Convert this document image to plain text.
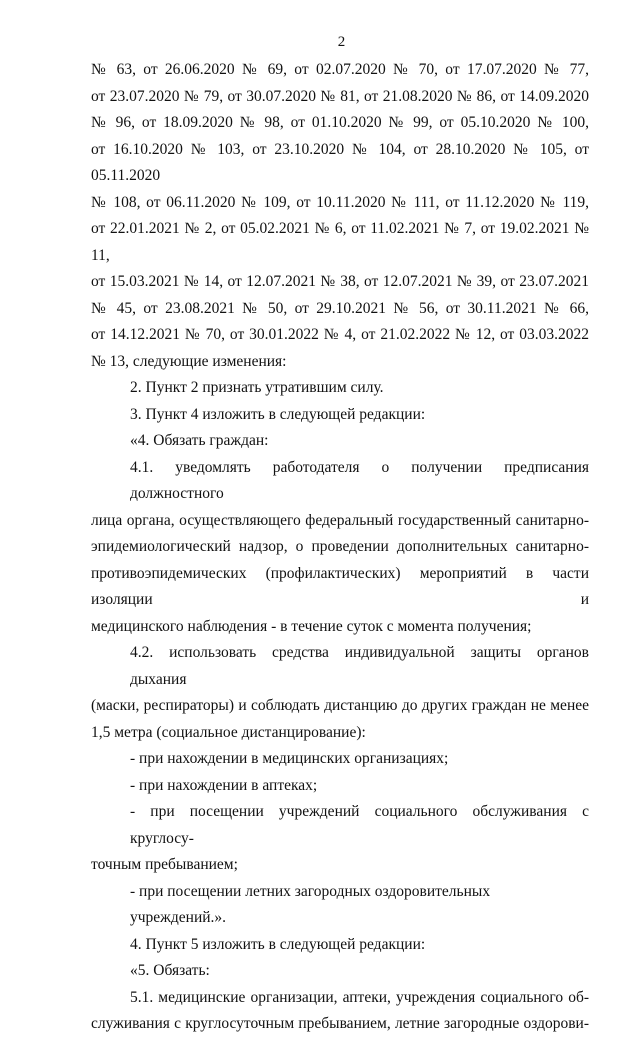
2
№ 63, от 26.06.2020 № 69, от 02.07.2020 № 70, от 17.07.2020 № 77,
от 23.07.2020 № 79, от 30.07.2020 № 81, от 21.08.2020 № 86, от 14.09.2020
№ 96, от 18.09.2020 № 98, от 01.10.2020 № 99, от 05.10.2020 № 100,
от 16.10.2020 № 103, от 23.10.2020 № 104, от 28.10.2020 № 105, от 05.11.2020
№ 108, от 06.11.2020 № 109, от 10.11.2020 № 111, от 11.12.2020 № 119,
от 22.01.2021 № 2, от 05.02.2021 № 6, от 11.02.2021 № 7, от 19.02.2021 № 11,
от 15.03.2021 № 14, от 12.07.2021 № 38, от 12.07.2021 № 39, от 23.07.2021
№ 45, от 23.08.2021 № 50, от 29.10.2021 № 56, от 30.11.2021 № 66,
от 14.12.2021 № 70, от 30.01.2022 № 4, от 21.02.2022 № 12, от 03.03.2022
№ 13, следующие изменения:

2. Пункт 2 признать утратившим силу.

3. Пункт 4 изложить в следующей редакции:

«4. Обязать граждан:

4.1. уведомлять работодателя о получении предписания должностного
лица органа, осуществляющего федеральный государственный санитарно-
эпидемиологический надзор, о проведении дополнительных санитарно-
противоэпидемических (профилактических) мероприятий в части изоляции и
медицинского наблюдения - в течение суток с момента получения;
4.2. использовать средства индивидуальной защиты органов дыхания
(маски, респираторы) и соблюдать дистанцию до других граждан не менее
1,5 метра (социальное дистанцирование):

- при нахождении в медицинских организациях;

- при нахождении в аптеках;

- при посещении учреждений социального обслуживания с круглосу-
точным пребыванием;

- при посещении летних загородных оздоровительных учреждений.».

4. Пункт 5 изложить в следующей редакции:

«5. Обязать:

5.1. медицинские организации, аптеки, учреждения социального об-
служивания с круглосуточным пребыванием, летние загородные оздорови-
